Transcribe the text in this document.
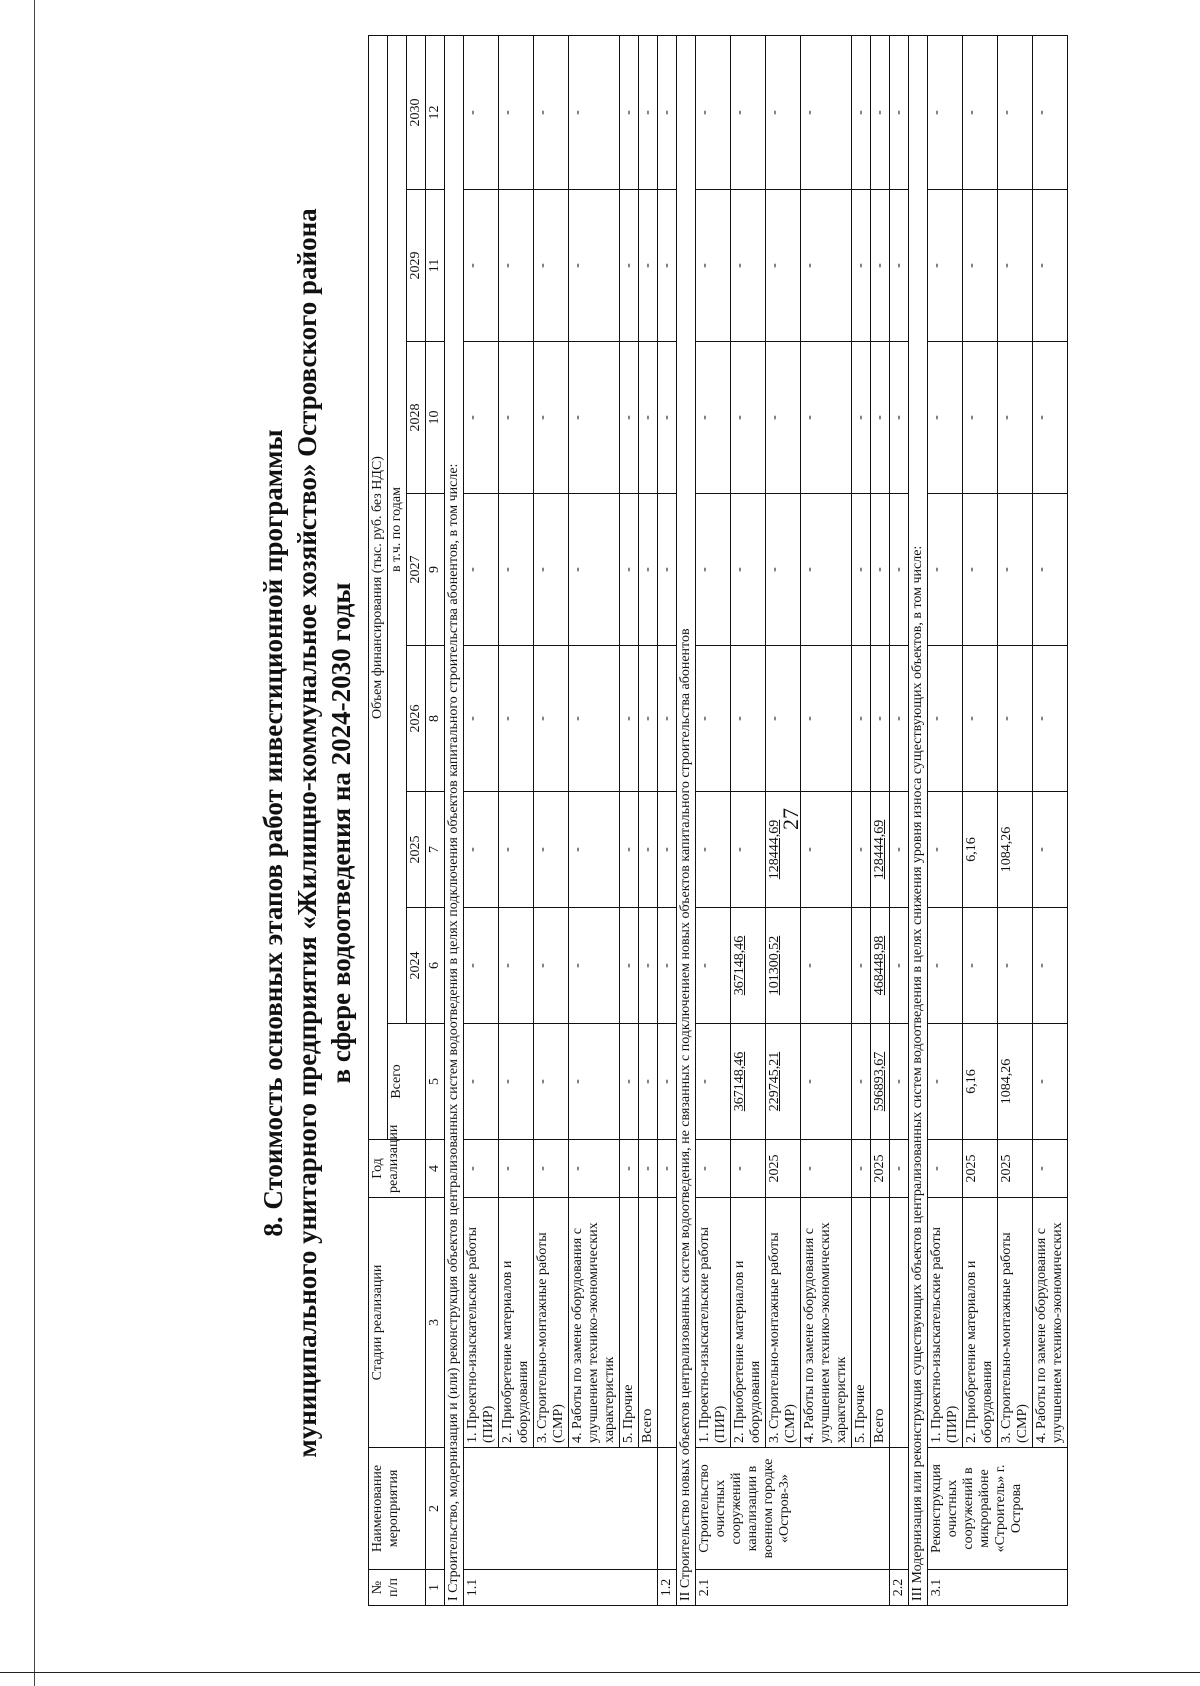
27
8. Стоимость основных этапов работ инвестиционной программы муниципального унитарного предприятия «Жилищно-коммунальное хозяйство» Островского района в сфере водоотведения на 2024-2030 годы
№ п/п	Наименование мероприятия	Стадии реализации	Год реализации	Объем финансирования (тыс. руб. без НДС)							
				Всего	в т.ч. по годам						
					2024	2025	2026	2027	2028	2029	2030
1	2	3	4	5	6	7	8	9	10	11	12
I Строительство, модернизация и (или) реконструкция объектов централизованных систем водоотведения в целях подключения объектов капитального строительства абонентов, в том числе:											
1.1		1. Проектно-изыскательские работы (ПИР)	-	-	-	-	-	-	-	-	-
		2. Приобретение материалов и оборудования	-	-	-	-	-	-	-	-	-
		3. Строительно-монтажные работы (СМР)	-	-	-	-	-	-	-	-	-
		4. Работы по замене оборудования с улучшением технико-экономических характеристик	-	-	-	-	-	-	-	-	-
		5. Прочие	-	-	-	-	-	-	-	-	-
		Всего	-	-	-	-	-	-	-	-	-
1.2			-	-	-	-	-	-	-	-	-
II Строительство новых объектов централизованных систем водоотведения, не связанных с подключением новых объектов капитального строительства абонентов											
2.1	Строительство очистных сооружений канализации в военном городке «Остров-3»	1. Проектно-изыскательские работы (ПИР)	-	-	-	-	-	-	-	-	-
		2. Приобретение материалов и оборудования	-	367148,46	367148,46	-	-	-	-	-	-
		3. Строительно-монтажные работы (СМР)	2025	229745,21	101300,52	128444,69	-	-	-	-	-
		4. Работы по замене оборудования с улучшением технико-экономических характеристик	-	-	-	-	-	-	-	-	-
		5. Прочие	-	-	-	-	-	-	-	-	-
		Всего	2025	596893,67	468448,98	128444,69	-	-	-	-	-
2.2			-	-	-	-	-	-	-	-	-
III Модернизация или реконструкция существующих объектов централизованных систем водоотведения в целях снижения уровня износа существующих объектов, в том числе:											
3.1	Реконструкция очистных сооружений в микрорайоне «Строитель» г. Острова	1. Проектно-изыскательские работы (ПИР)	-	-	-	-	-	-	-	-	-
		2. Приобретение материалов и оборудования	2025	6,16	-	6,16	-	-	-	-	-
		3. Строительно-монтажные работы (СМР)	2025	1084,26	-	1084,26	-	-	-	-	-
		4. Работы по замене оборудования с улучшением технико-экономических	-	-	-	-	-	-	-	-	-
